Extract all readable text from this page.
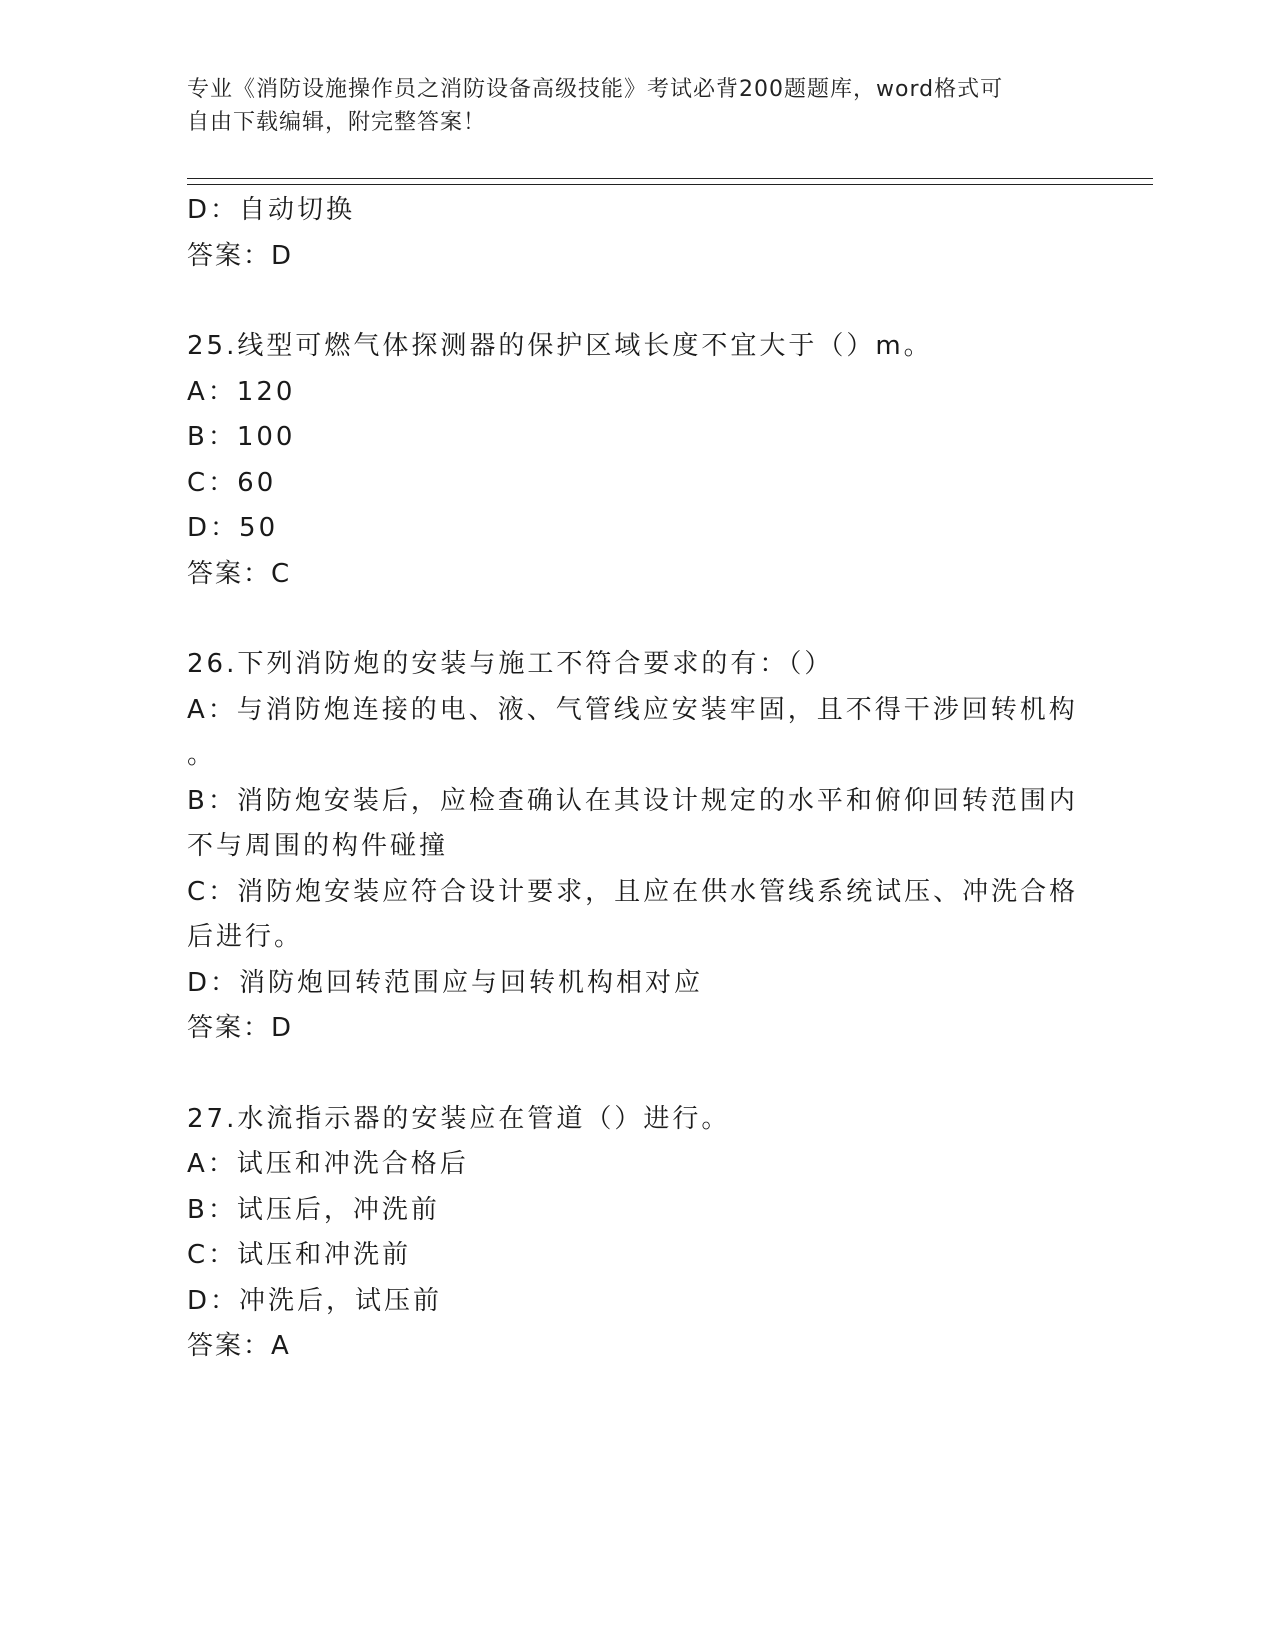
专业《消防设施操作员之消防设备高级技能》考试必背200题题库，word格式可
自由下载编辑，附完整答案！
D：自动切换
答案：D
25.线型可燃气体探测器的保护区域长度不宜大于（）m。
A：120
B：100
C：60
D：50
答案：C
26.下列消防炮的安装与施工不符合要求的有：（）
A：与消防炮连接的电、液、气管线应安装牢固，且不得干涉回转机构
。
B：消防炮安装后，应检查确认在其设计规定的水平和俯仰回转范围内
不与周围的构件碰撞
C：消防炮安装应符合设计要求，且应在供水管线系统试压、冲洗合格
后进行。
D：消防炮回转范围应与回转机构相对应
答案：D
27.水流指示器的安装应在管道（）进行。
A：试压和冲洗合格后
B：试压后，冲洗前
C：试压和冲洗前
D：冲洗后，试压前
答案：A
